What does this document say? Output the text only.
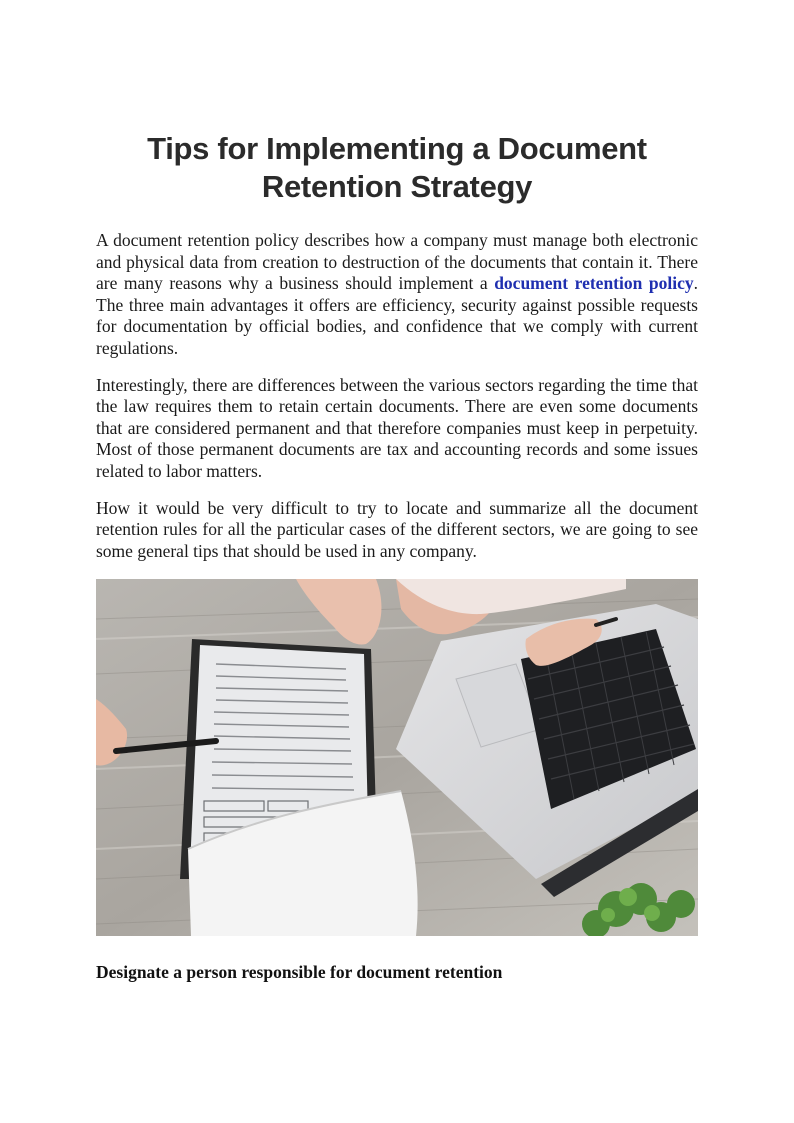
Tips for Implementing a Document
Retention Strategy

A document retention policy describes how a company must manage both electronic and physical data from creation to destruction of the documents that contain it. There are many reasons why a business should implement a document retention policy. The three main advantages it offers are efficiency, security against possible requests for documentation by official bodies, and confidence that we comply with current regulations.

Interestingly, there are differences between the various sectors regarding the time that the law requires them to retain certain documents. There are even some documents that are considered permanent and that therefore companies must keep in perpetuity. Most of those permanent documents are tax and accounting records and some issues related to labor matters.

How it would be very difficult to try to locate and summarize all the document retention rules for all the particular cases of the different sectors, we are going to see some general tips that should be used in any company.

Designate a person responsible for document retention
